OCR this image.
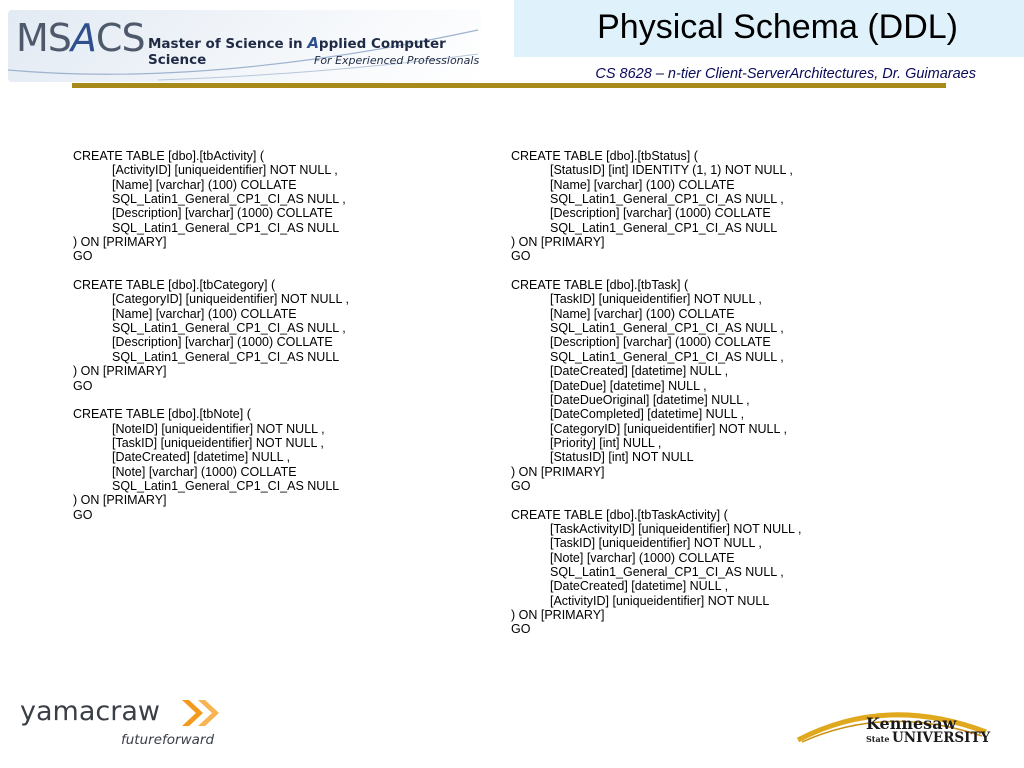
MSACS Master of Science in Applied Computer Science	For Experienced Professionals
Physical Schema (DDL)
CS 8628 – n-tier Client-ServerArchitectures, Dr. Guimaraes
CREATE TABLE [dbo].[tbActivity] (
[ActivityID] [uniqueidentifier] NOT NULL ,
[Name] [varchar] (100) COLLATE
SQL_Latin1_General_CP1_CI_AS NULL ,
[Description] [varchar] (1000) COLLATE
SQL_Latin1_General_CP1_CI_AS NULL
) ON [PRIMARY]
GO
CREATE TABLE [dbo].[tbCategory] (
[CategoryID] [uniqueidentifier] NOT NULL ,
[Name] [varchar] (100) COLLATE
SQL_Latin1_General_CP1_CI_AS NULL ,
[Description] [varchar] (1000) COLLATE
SQL_Latin1_General_CP1_CI_AS NULL
) ON [PRIMARY]
GO
CREATE TABLE [dbo].[tbNote] (
[NoteID] [uniqueidentifier] NOT NULL ,
[TaskID] [uniqueidentifier] NOT NULL ,
[DateCreated] [datetime] NULL ,
[Note] [varchar] (1000) COLLATE
SQL_Latin1_General_CP1_CI_AS NULL
) ON [PRIMARY]
GO
CREATE TABLE [dbo].[tbStatus] (
[StatusID] [int] IDENTITY (1, 1) NOT NULL ,
[Name] [varchar] (100) COLLATE
SQL_Latin1_General_CP1_CI_AS NULL ,
[Description] [varchar] (1000) COLLATE
SQL_Latin1_General_CP1_CI_AS NULL
) ON [PRIMARY]
GO
CREATE TABLE [dbo].[tbTask] (
[TaskID] [uniqueidentifier] NOT NULL ,
[Name] [varchar] (100) COLLATE
SQL_Latin1_General_CP1_CI_AS NULL ,
[Description] [varchar] (1000) COLLATE
SQL_Latin1_General_CP1_CI_AS NULL ,
[DateCreated] [datetime] NULL ,
[DateDue] [datetime] NULL ,
[DateDueOriginal] [datetime] NULL ,
[DateCompleted] [datetime] NULL ,
[CategoryID] [uniqueidentifier] NOT NULL ,
[Priority] [int] NULL ,
[StatusID] [int] NOT NULL
) ON [PRIMARY]
GO
CREATE TABLE [dbo].[tbTaskActivity] (
[TaskActivityID] [uniqueidentifier] NOT NULL ,
[TaskID] [uniqueidentifier] NOT NULL ,
[Note] [varchar] (1000) COLLATE
SQL_Latin1_General_CP1_CI_AS NULL ,
[DateCreated] [datetime] NULL ,
[ActivityID] [uniqueidentifier] NOT NULL
) ON [PRIMARY]
GO
yamacraw
futureforward
Kennesaw
State UNIVERSITY
